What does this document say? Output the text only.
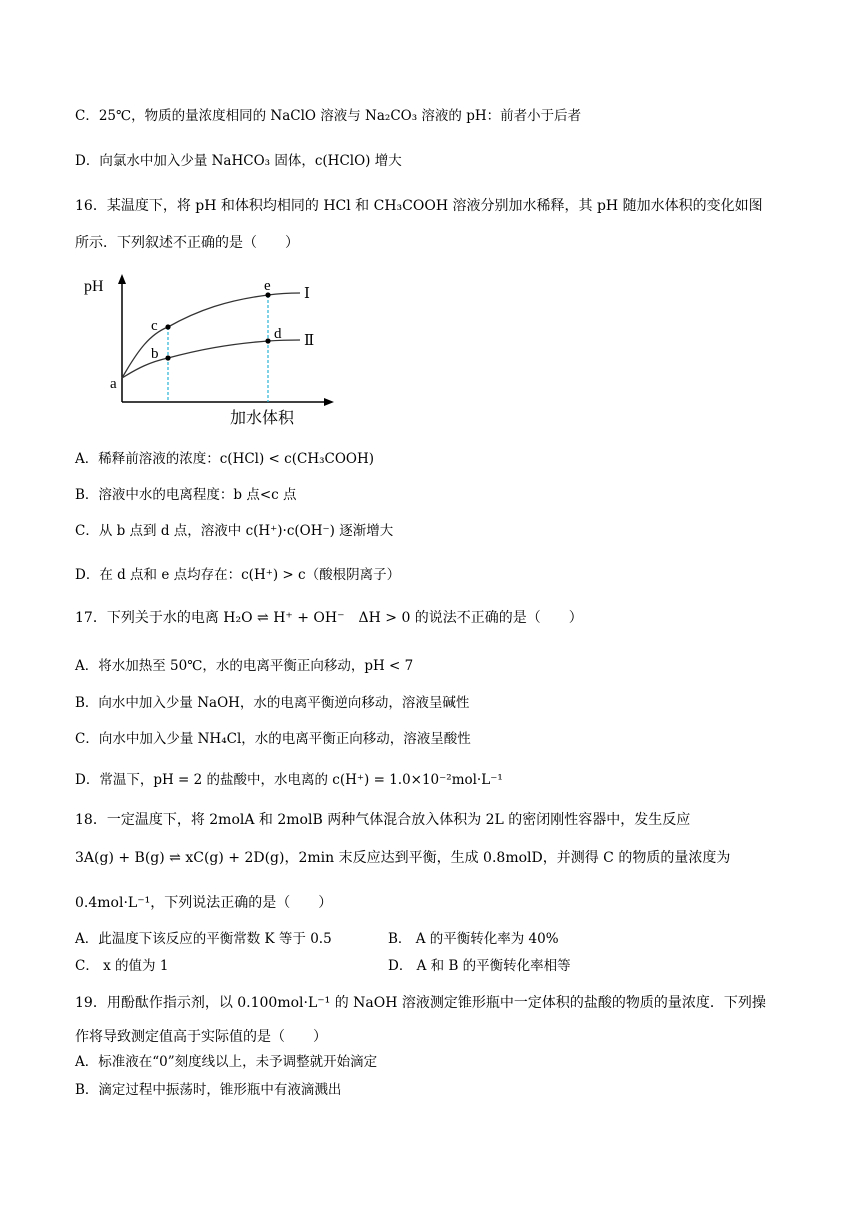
C．25℃，物质的量浓度相同的 NaClO 溶液与 Na₂CO₃ 溶液的 pH：前者小于后者
D．向氯水中加入少量 NaHCO₃ 固体，c(HClO) 增大
16．某温度下，将 pH 和体积均相同的 HCl 和 CH₃COOH 溶液分别加水稀释，其 pH 随加水体积的变化如图
所示．下列叙述不正确的是（　　）
pH
加水体积
a
b
c	d
e Ⅰ
Ⅱ
A．稀释前溶液的浓度：c(HCl) < c(CH₃COOH)
B．溶液中水的电离程度：b 点<c 点
C．从 b 点到 d 点，溶液中 c(H⁺)·c(OH⁻) 逐渐增大
D．在 d 点和 e 点均存在：c(H⁺) > c（酸根阴离子）
17．下列关于水的电离 H₂O ⇌ H⁺ + OH⁻　ΔH > 0 的说法不正确的是（　　）
A．将水加热至 50℃，水的电离平衡正向移动，pH < 7
B．向水中加入少量 NaOH，水的电离平衡逆向移动，溶液呈碱性
C．向水中加入少量 NH₄Cl，水的电离平衡正向移动，溶液呈酸性
D．常温下，pH = 2 的盐酸中，水电离的 c(H⁺) = 1.0×10⁻²mol·L⁻¹
18．一定温度下，将 2molA 和 2molB 两种气体混合放入体积为 2L 的密闭刚性容器中，发生反应
3A(g) + B(g) ⇌ xC(g) + 2D(g)，2min 末反应达到平衡，生成 0.8molD，并测得 C 的物质的量浓度为
0.4mol·L⁻¹，下列说法正确的是（　　）
A．此温度下该反应的平衡常数 K 等于 0.5	B． A 的平衡转化率为 40%
C． x 的值为 1	D． A 和 B 的平衡转化率相等
19．用酚酞作指示剂，以 0.100mol·L⁻¹ 的 NaOH 溶液测定锥形瓶中一定体积的盐酸的物质的量浓度．下列操
作将导致测定值高于实际值的是（　　）
A．标准液在“0”刻度线以上，未予调整就开始滴定
B．滴定过程中振荡时，锥形瓶中有液滴溅出
